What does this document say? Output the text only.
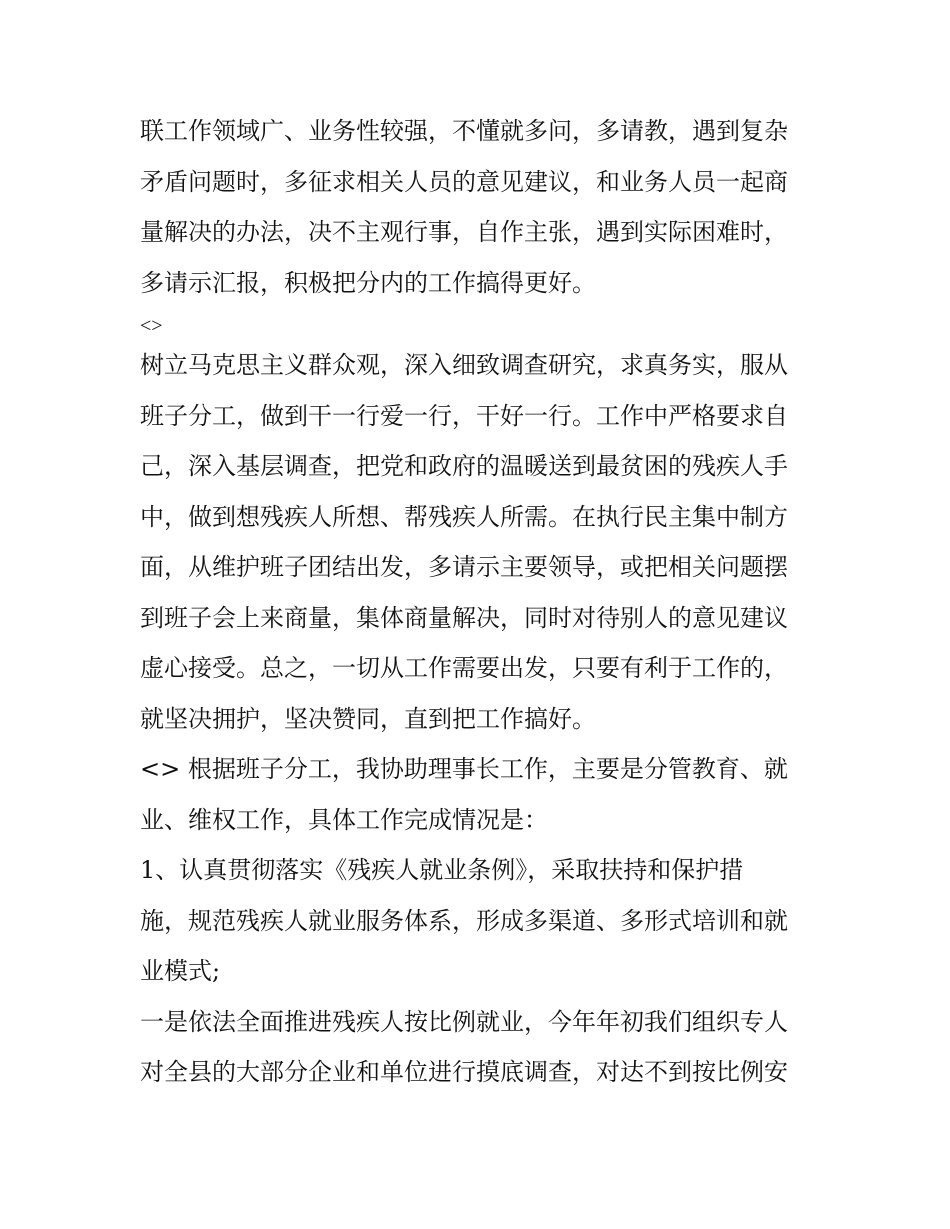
联工作领域广、业务性较强，不懂就多问，多请教，遇到复杂
矛盾问题时，多征求相关人员的意见建议，和业务人员一起商
量解决的办法，决不主观行事，自作主张，遇到实际困难时，
多请示汇报，积极把分内的工作搞得更好。
<>
树立马克思主义群众观，深入细致调查研究，求真务实，服从
班子分工，做到干一行爱一行，干好一行。工作中严格要求自
己，深入基层调查，把党和政府的温暖送到最贫困的残疾人手
中，做到想残疾人所想、帮残疾人所需。在执行民主集中制方
面，从维护班子团结出发，多请示主要领导，或把相关问题摆
到班子会上来商量，集体商量解决，同时对待别人的意见建议
虚心接受。总之，一切从工作需要出发，只要有利于工作的，
就坚决拥护，坚决赞同，直到把工作搞好。
<> 根据班子分工，我协助理事长工作，主要是分管教育、就
业、维权工作，具体工作完成情况是：
1、认真贯彻落实《残疾人就业条例》，采取扶持和保护措
施，规范残疾人就业服务体系，形成多渠道、多形式培训和就
业模式;
一是依法全面推进残疾人按比例就业，今年年初我们组织专人
对全县的大部分企业和单位进行摸底调查，对达不到按比例安
